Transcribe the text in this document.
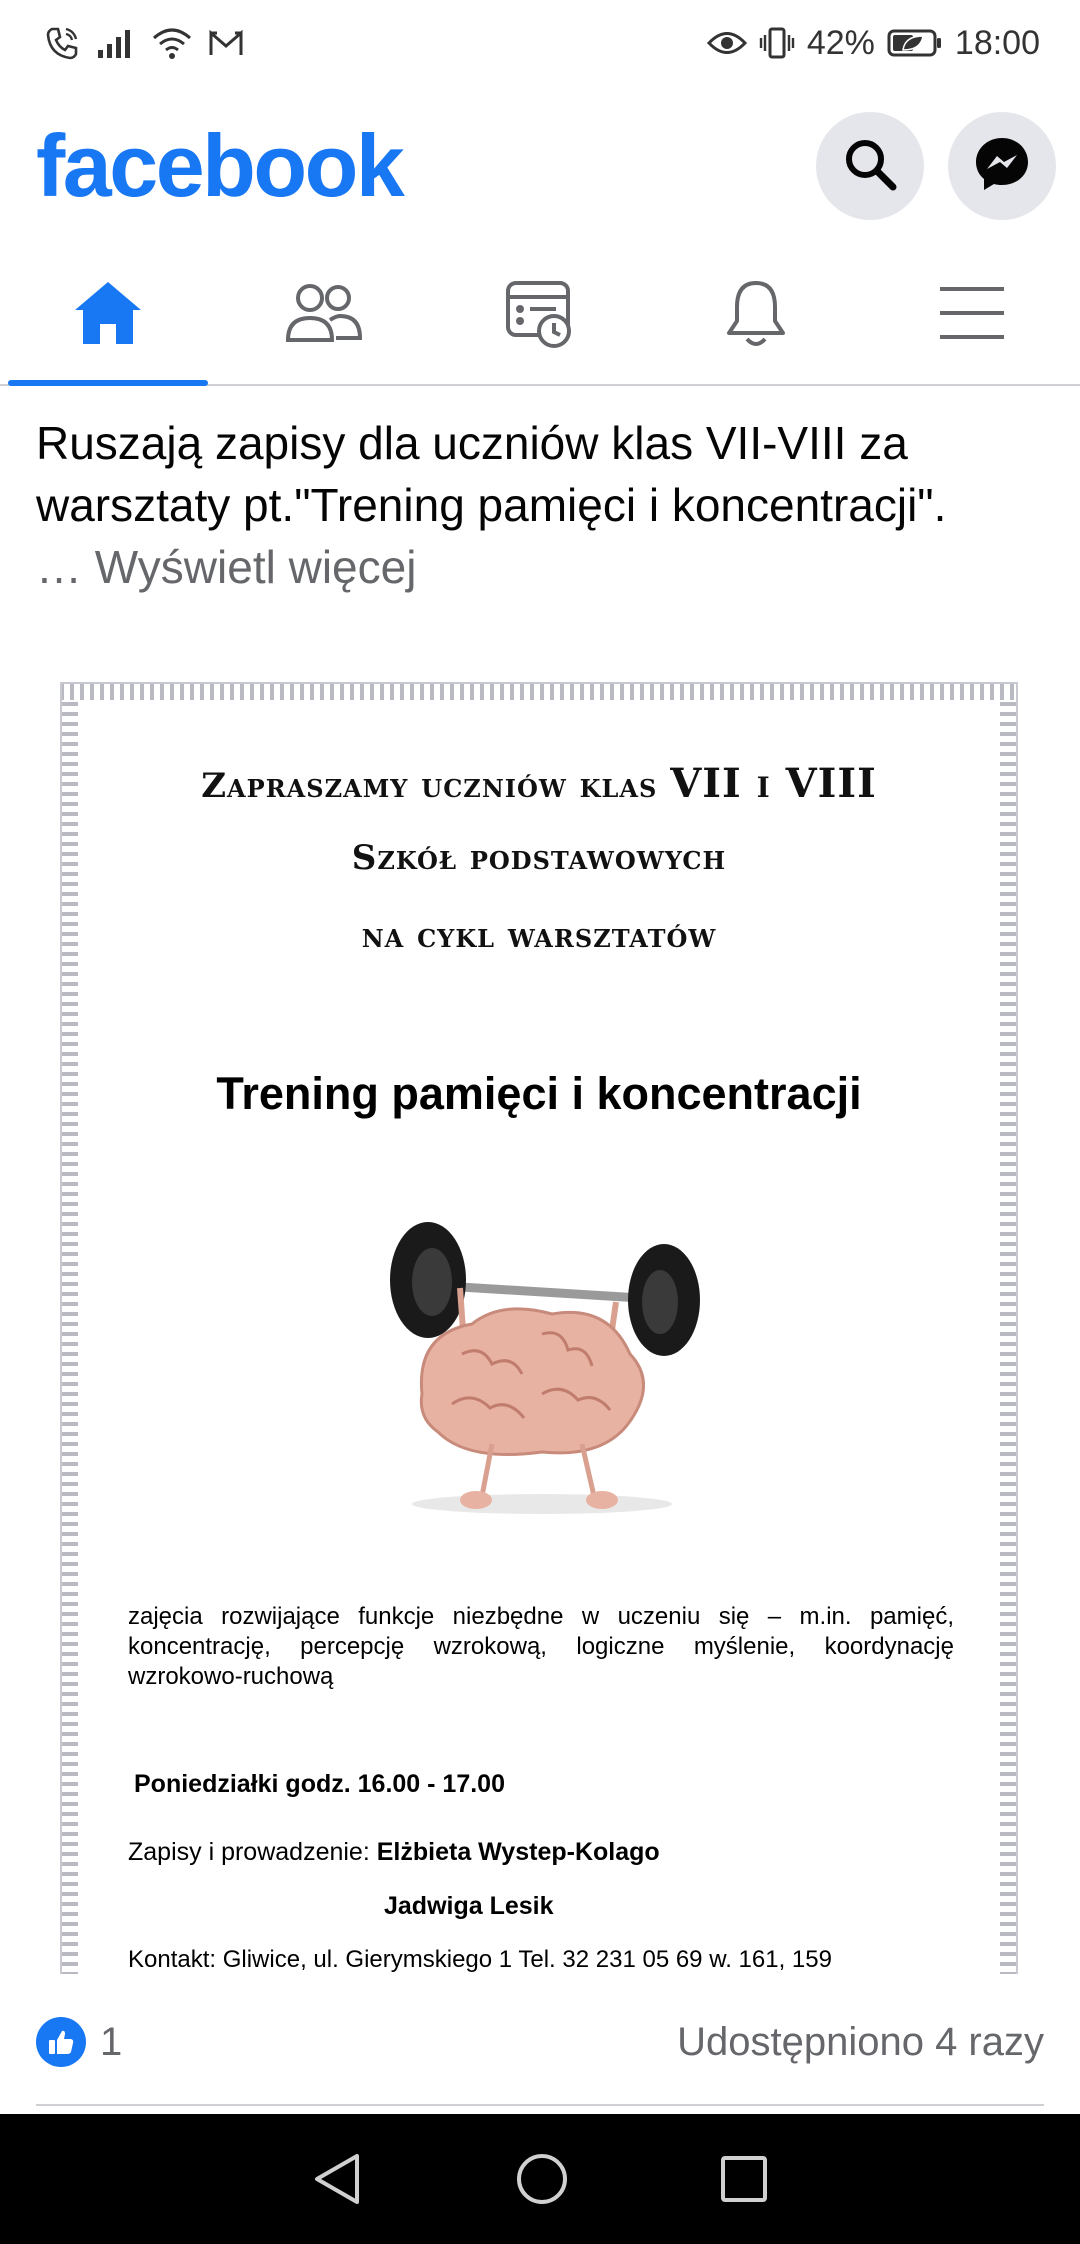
42% 18:00
facebook
Ruszają zapisy dla uczniów klas VII-VIII za warsztaty pt."Trening pamięci i koncentracji".
… Wyświetl więcej
Zapraszamy uczniów klas VII i VIII
Szkół podstawowych
na cykl warsztatów
Trening pamięci i koncentracji
zajęcia rozwijające funkcje niezbędne w uczeniu się – m.in. pamięć, koncentrację, percepcję wzrokową, logiczne myślenie, koordynację wzrokowo-ruchową
Poniedziałki godz. 16.00 - 17.00
Zapisy i prowadzenie: Elżbieta Wystep-Kolago
Jadwiga Lesik
Kontakt: Gliwice, ul. Gierymskiego 1 Tel. 32 231 05 69 w. 161, 159
1	Udostępniono 4 razy
